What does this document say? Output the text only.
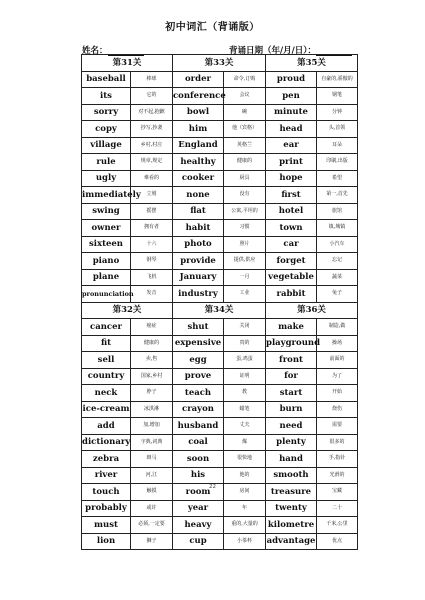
初中词汇（背诵版）
姓名：	背诵日期（年/月/日）：
第31关		第33关		第35关	
baseball	棒球	order	命令,订购	proud	自豪的,骄傲的
its	它的	conference	会议	pen	钢笔
sorry	对不起,抱歉	bowl	碗	minute	分钟
copy	抄写,抄袭	him	他（宾格）	head	头,首领
village	乡村,村庄	England	英格兰	ear	耳朵
rule	规章,规定	healthy	健康的	print	印刷,出版
ugly	难看的	cooker	厨具	hope	希望
immediately	立刻	none	没有	first	第一,首先
swing	摇摆	flat	公寓,平坦的	hotel	旅馆
owner	拥有者	habit	习惯	town	镇,城镇
sixteen	十六	photo	照片	car	小汽车
piano	钢琴	provide	提供,供应	forget	忘记
plane	飞机	January	一月	vegetable	蔬菜
pronunciation	发音	industry	工业	rabbit	兔子
第32关		第34关		第36关	
cancer	癌症	shut	关闭	make	制造,做
fit	健康的	expensive	贵的	playground	操场
sell	卖,售	egg	蛋,鸡蛋	front	前面的
country	国家,乡村	prove	证明	for	为了
neck	脖子	teach	教	start	开始
ice-cream	冰淇淋	crayon	蜡笔	burn	烧伤
add	加,增加	husband	丈夫	need	需要
dictionary	字典,词典	coal	煤	plenty	很多的
zebra	斑马	soon	很快地	hand	手,指针
river	河,江	his	他的	smooth	光滑的
touch	触摸	room	房间	treasure	宝藏
probably	或许	year	年	twenty	二十
must	必须,一定要	heavy	重的,大量的	kilometre	千米,公里
lion	狮子	cup	小茶杯	advantage	优点
22
